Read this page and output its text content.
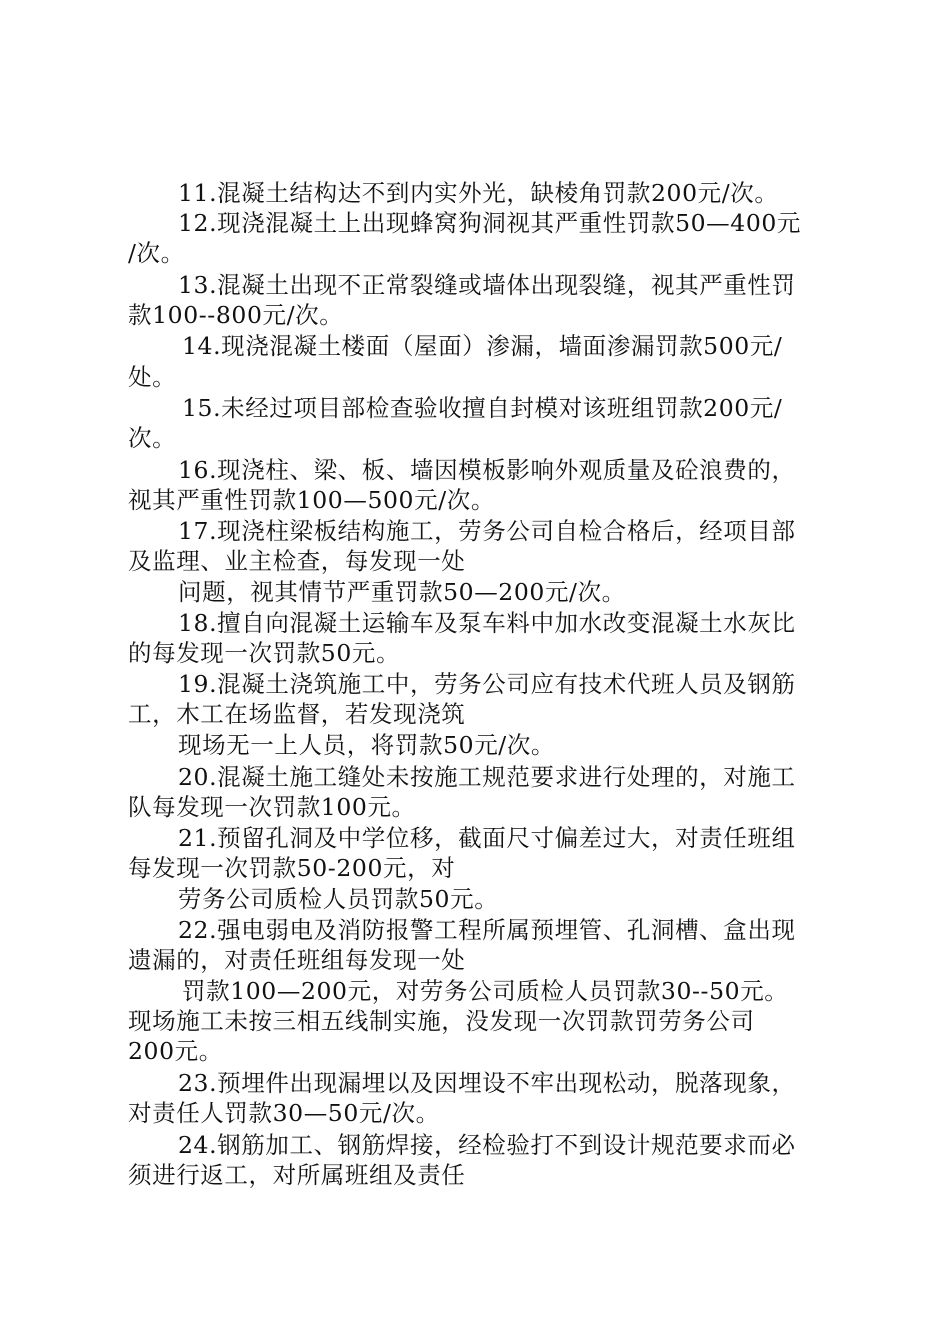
11.混凝土结构达不到内实外光，缺棱角罚款200元/次。
12.现浇混凝土上出现蜂窝狗洞视其严重性罚款50—400元
/次。
13.混凝土出现不正常裂缝或墙体出现裂缝，视其严重性罚
款100--800元/次。
14.现浇混凝土楼面（屋面）渗漏，墙面渗漏罚款500元/
处。
15.未经过项目部检查验收擅自封模对该班组罚款200元/
次。
16.现浇柱、梁、板、墙因模板影响外观质量及砼浪费的，
视其严重性罚款100—500元/次。
17.现浇柱梁板结构施工，劳务公司自检合格后，经项目部
及监理、业主检查，每发现一处
问题，视其情节严重罚款50—200元/次。
18.擅自向混凝土运输车及泵车料中加水改变混凝土水灰比
的每发现一次罚款50元。
19.混凝土浇筑施工中，劳务公司应有技术代班人员及钢筋
工，木工在场监督，若发现浇筑
现场无一上人员，将罚款50元/次。
20.混凝土施工缝处未按施工规范要求进行处理的，对施工
队每发现一次罚款100元。
21.预留孔洞及中学位移，截面尺寸偏差过大，对责任班组
每发现一次罚款50-200元，对
劳务公司质检人员罚款50元。
22.强电弱电及消防报警工程所属预埋管、孔洞槽、盒出现
遗漏的，对责任班组每发现一处
罚款100—200元，对劳务公司质检人员罚款30--50元。
现场施工未按三相五线制实施，没发现一次罚款罚劳务公司
200元。
23.预埋件出现漏埋以及因埋设不牢出现松动，脱落现象，
对责任人罚款30—50元/次。
24.钢筋加工、钢筋焊接，经检验打不到设计规范要求而必
须进行返工，对所属班组及责任
